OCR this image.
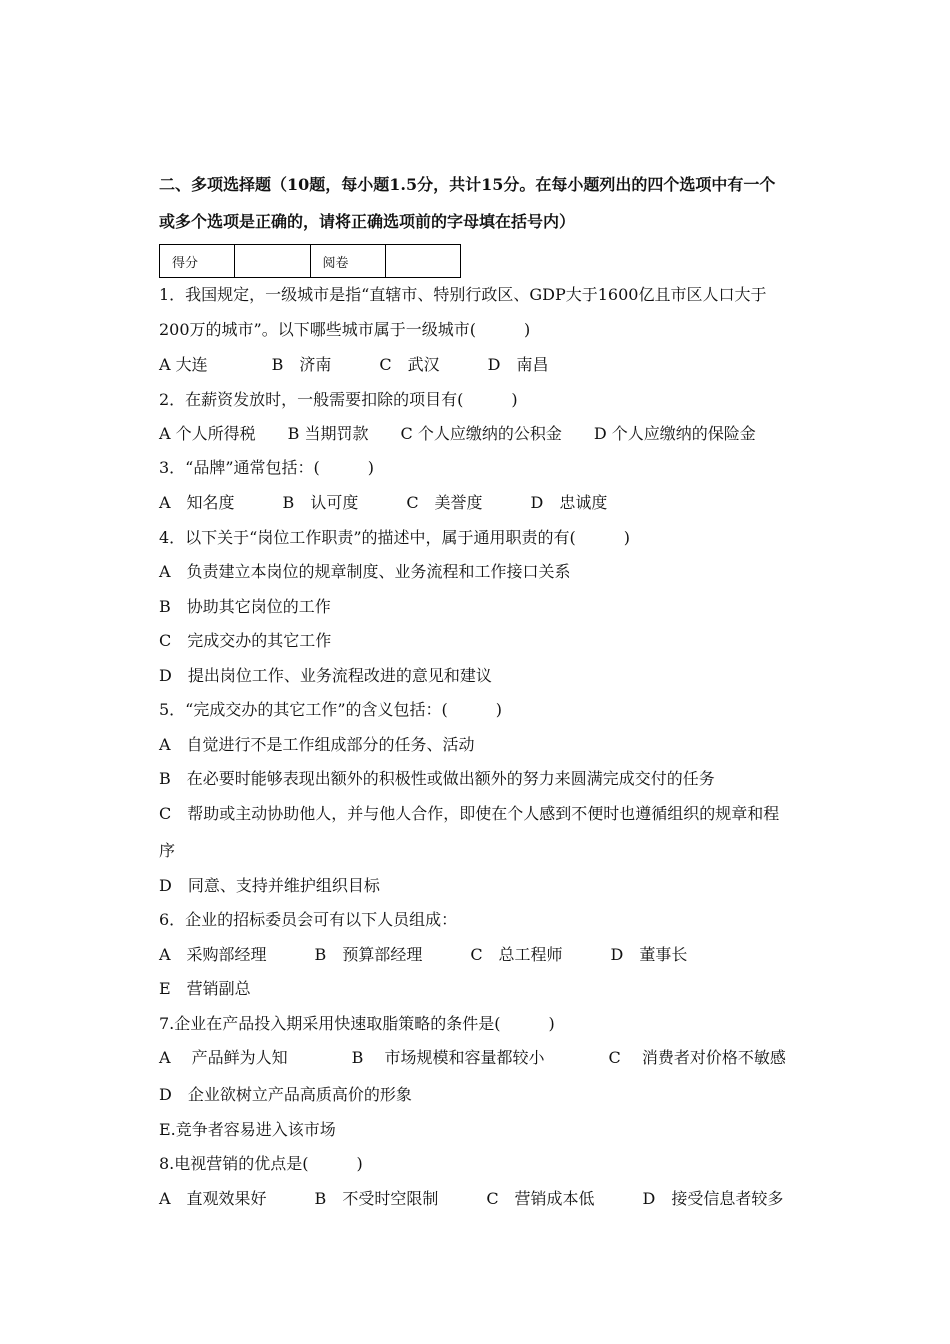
二、多项选择题（10题，每小题1.5分，共计15分。在每小题列出的四个选项中有一个
或多个选项是正确的，请将正确选项前的字母填在括号内）
得分		阅卷	
1．我国规定，一级城市是指“直辖市、特别行政区、GDP大于1600亿且市区人口大于
200万的城市”。以下哪些城市属于一级城市(　　　)
A 大连　　　　B　济南　　　C　武汉　　　D　南昌
2．在薪资发放时，一般需要扣除的项目有(　　　)
A 个人所得税　　B 当期罚款　　C 个人应缴纳的公积金　　D 个人应缴纳的保险金
3．“品牌”通常包括：(　　　)
A　知名度　　　B　认可度　　　C　美誉度　　　D　忠诚度
4．以下关于“岗位工作职责”的描述中，属于通用职责的有(　　　)
A　负责建立本岗位的规章制度、业务流程和工作接口关系
B　协助其它岗位的工作
C　完成交办的其它工作
D　提出岗位工作、业务流程改进的意见和建议
5．“完成交办的其它工作”的含义包括：(　　　)
A　自觉进行不是工作组成部分的任务、活动
B　在必要时能够表现出额外的积极性或做出额外的努力来圆满完成交付的任务
C　帮助或主动协助他人，并与他人合作，即使在个人感到不便时也遵循组织的规章和程
序
D　同意、支持并维护组织目标
6．企业的招标委员会可有以下人员组成：
A　采购部经理　　　B　预算部经理　　　C　总工程师　　　D　董事长
E　营销副总
7.企业在产品投入期采用快速取脂策略的条件是(　　　)
A　 产品鲜为人知　　　　B　 市场规模和容量都较小　　　　C　 消费者对价格不敏感
D　企业欲树立产品高质高价的形象
E.竞争者容易进入该市场
8.电视营销的优点是(　　　)
A　直观效果好　　　B　不受时空限制　　　C　营销成本低　　　D　接受信息者较多
